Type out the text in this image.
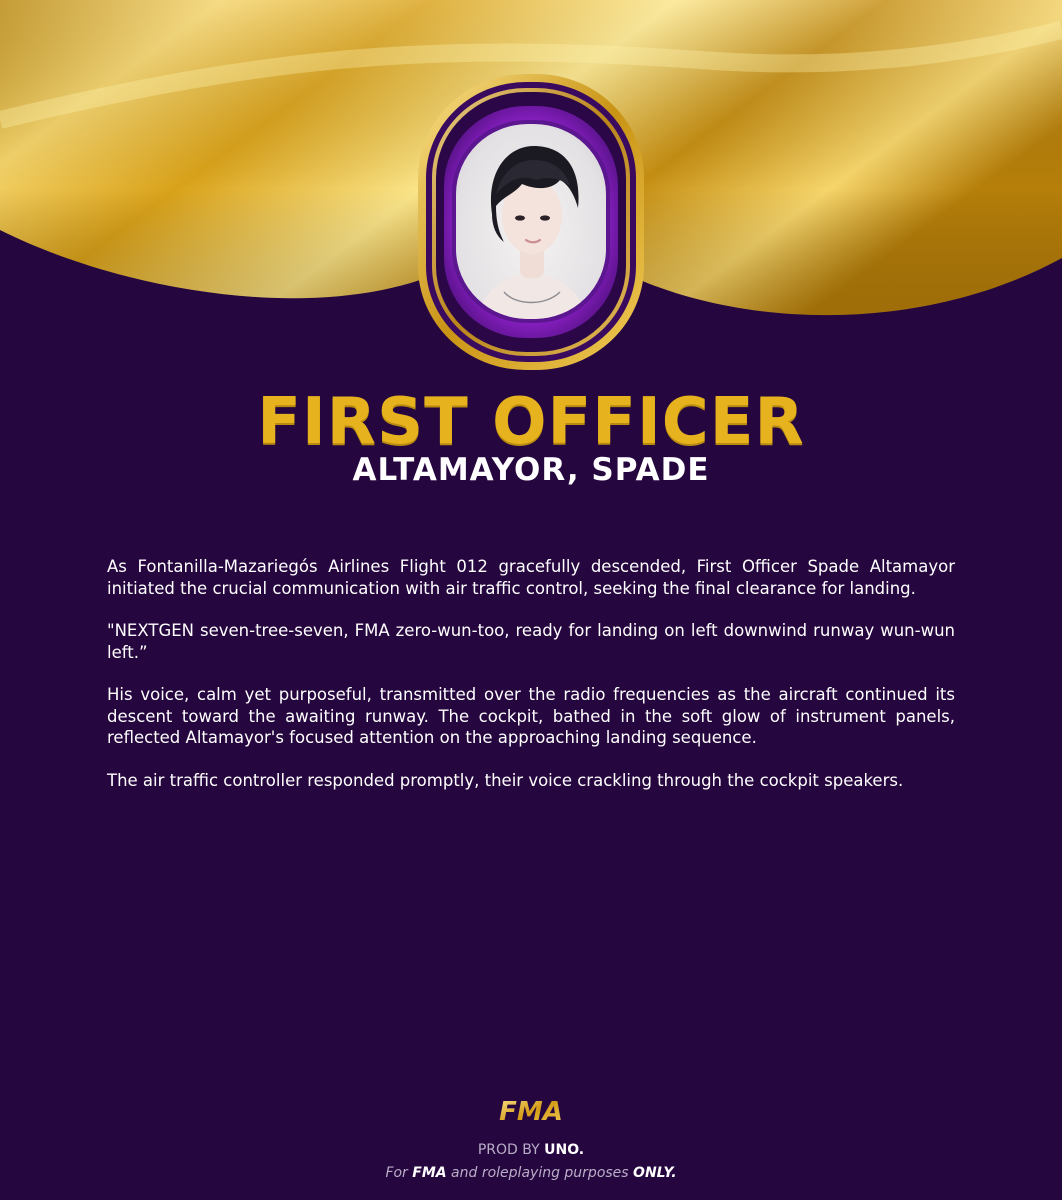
FIRST OFFICER
ALTAMAYOR, SPADE

As Fontanilla-Mazariegós Airlines Flight 012 gracefully descended, First Officer Spade Altamayor initiated the crucial communication with air traffic control, seeking the final clearance for landing.

"NEXTGEN seven-tree-seven, FMA zero-wun-too, ready for landing on left downwind runway wun-wun left.”

His voice, calm yet purposeful, transmitted over the radio frequencies as the aircraft continued its descent toward the awaiting runway. The cockpit, bathed in the soft glow of instrument panels, reflected Altamayor's focused attention on the approaching landing sequence.

The air traffic controller responded promptly, their voice crackling through the cockpit speakers.

FMA
PROD BY UNO.
For FMA and roleplaying purposes ONLY.
